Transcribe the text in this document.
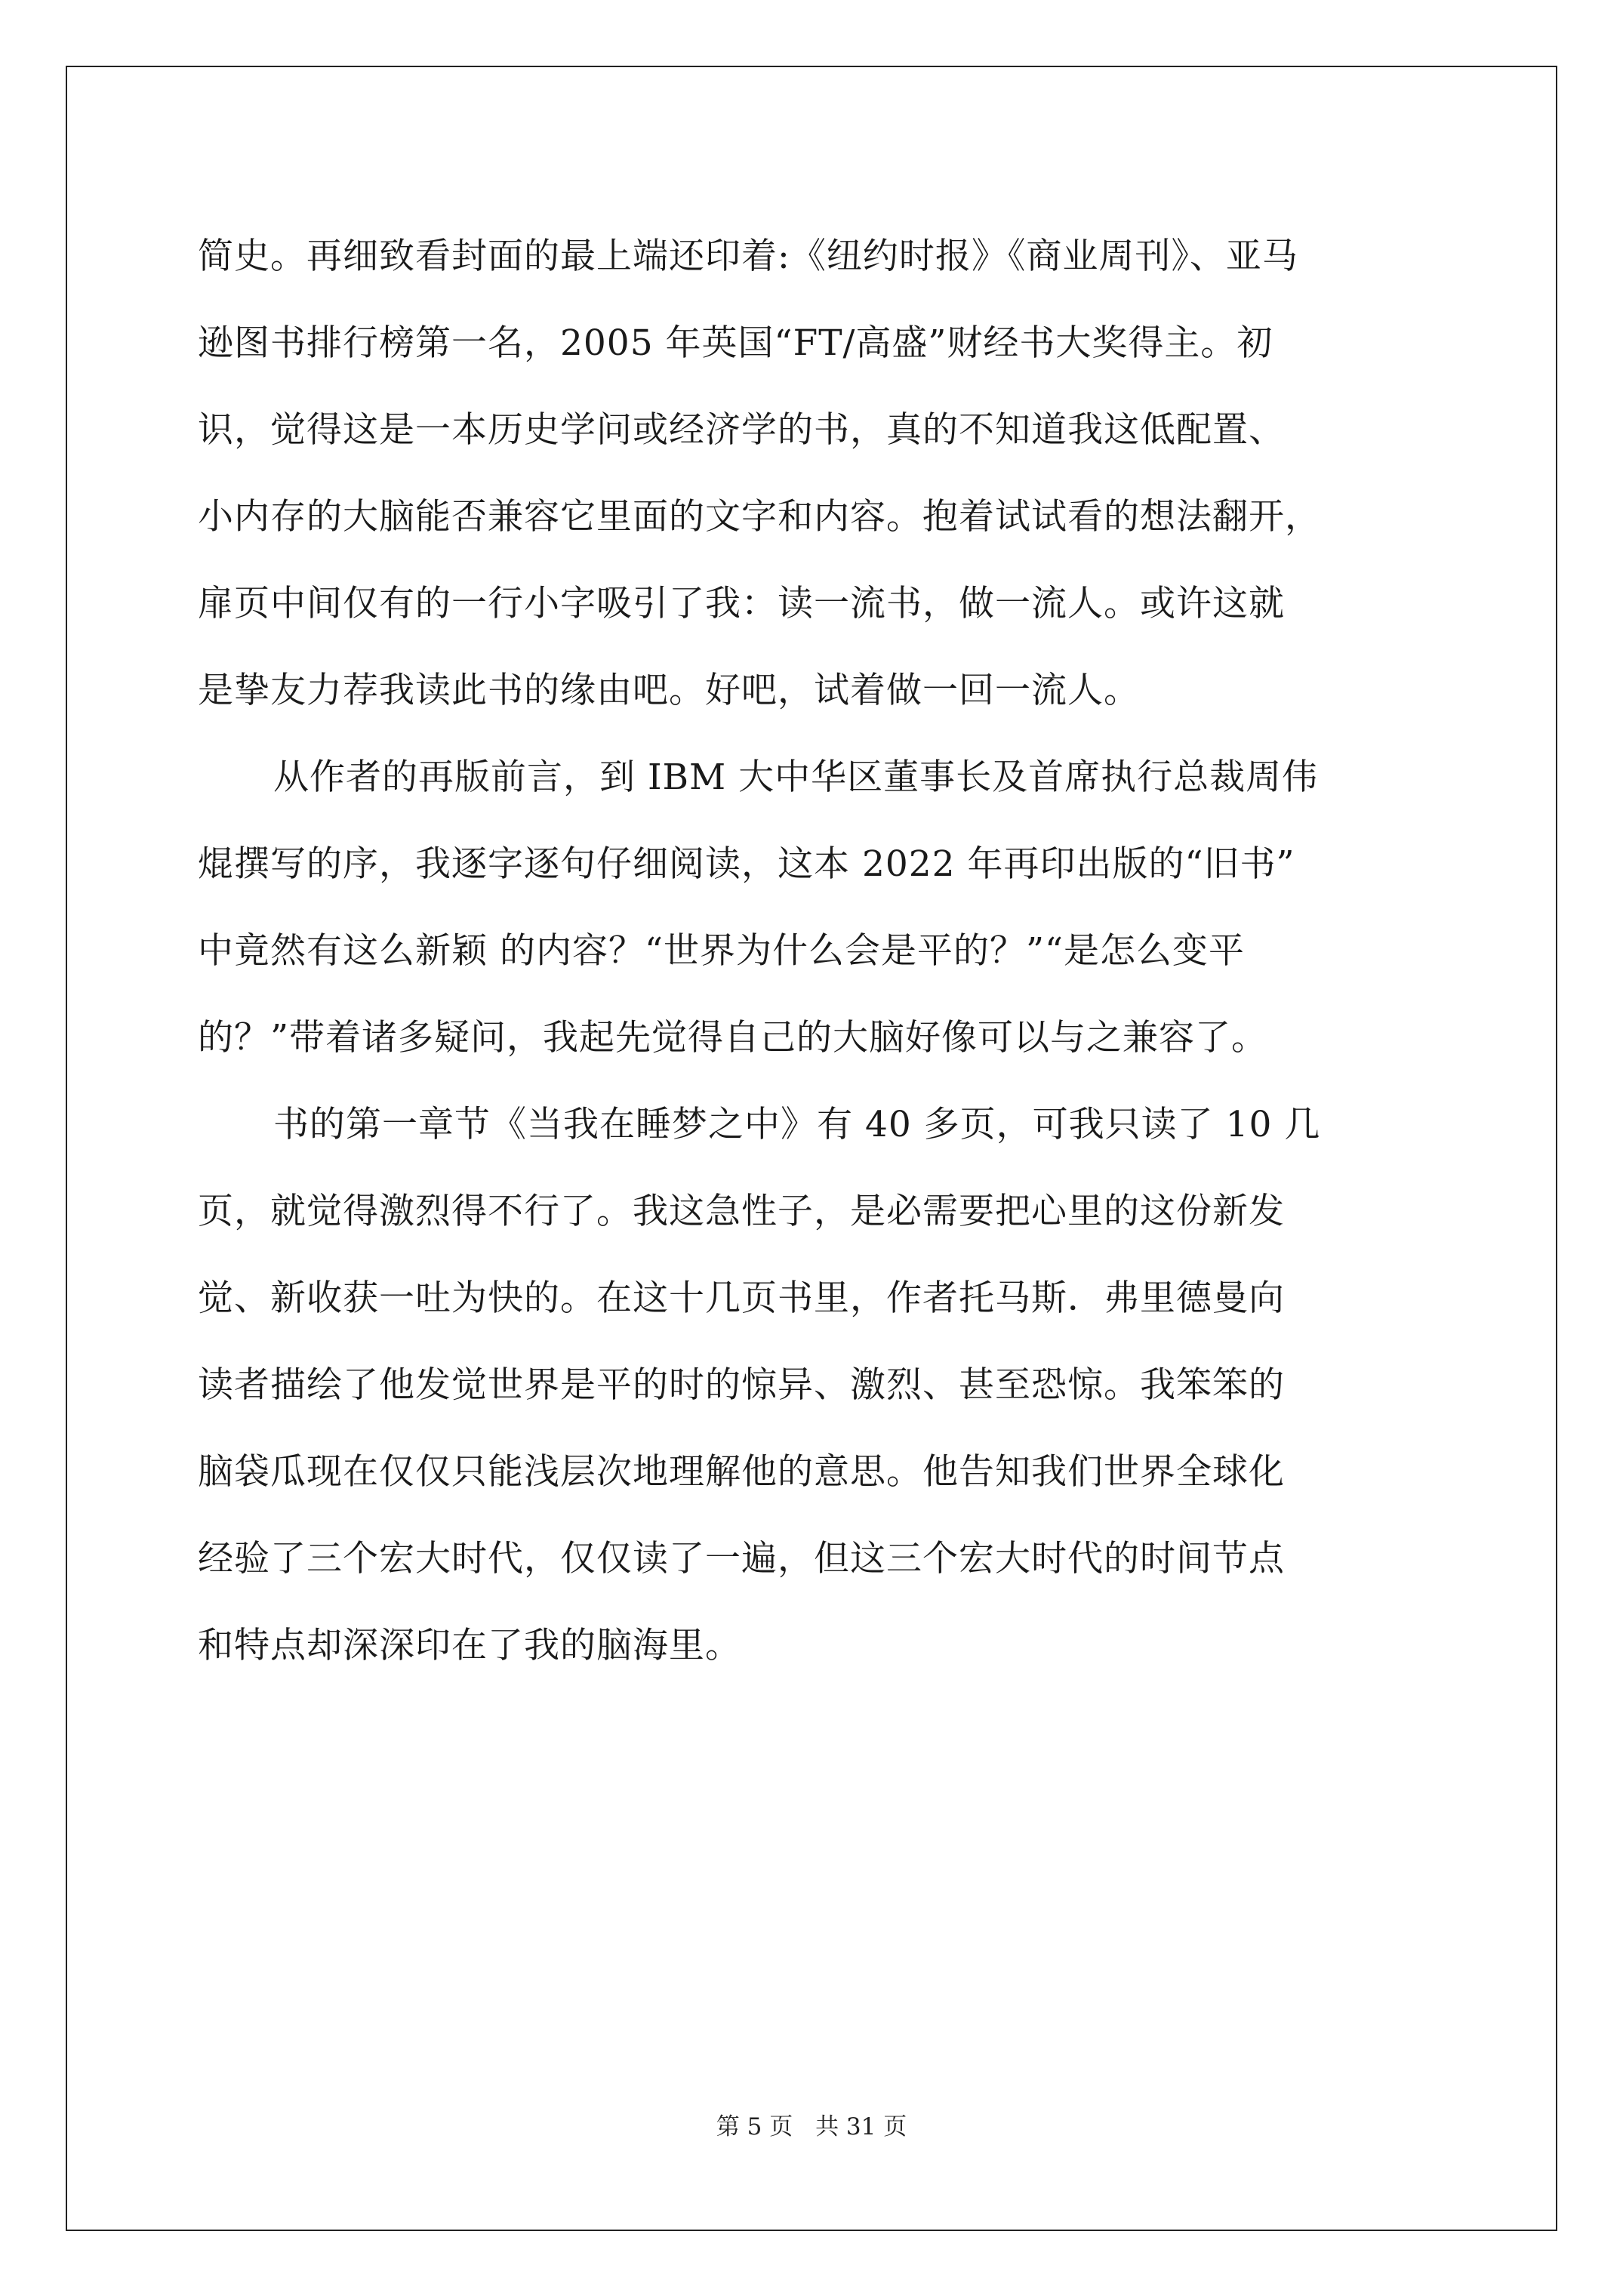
简史。再细致看封面的最上端还印着:《纽约时报》《商业周刊》、亚马
逊图书排行榜第一名，2005 年英国“FT/高盛”财经书大奖得主。初
识，觉得这是一本历史学问或经济学的书，真的不知道我这低配置、
小内存的大脑能否兼容它里面的文字和内容。抱着试试看的想法翻开，
扉页中间仅有的一行小字吸引了我：读一流书，做一流人。或许这就
是挚友力荐我读此书的缘由吧。好吧，试着做一回一流人。
从作者的再版前言，到 IBM 大中华区董事长及首席执行总裁周伟
焜撰写的序，我逐字逐句仔细阅读，这本 2022 年再印出版的“旧书”
中竟然有这么新颖 的内容？“世界为什么会是平的？”“是怎么变平
的？”带着诸多疑问，我起先觉得自己的大脑好像可以与之兼容了。
书的第一章节《当我在睡梦之中》有 40 多页，可我只读了 10 几
页，就觉得激烈得不行了。我这急性子，是必需要把心里的这份新发
觉、新收获一吐为快的。在这十几页书里，作者托马斯．弗里德曼向
读者描绘了他发觉世界是平的时的惊异、激烈、甚至恐惊。我笨笨的
脑袋瓜现在仅仅只能浅层次地理解他的意思。他告知我们世界全球化
经验了三个宏大时代，仅仅读了一遍，但这三个宏大时代的时间节点
和特点却深深印在了我的脑海里。
第 5 页 共 31 页
